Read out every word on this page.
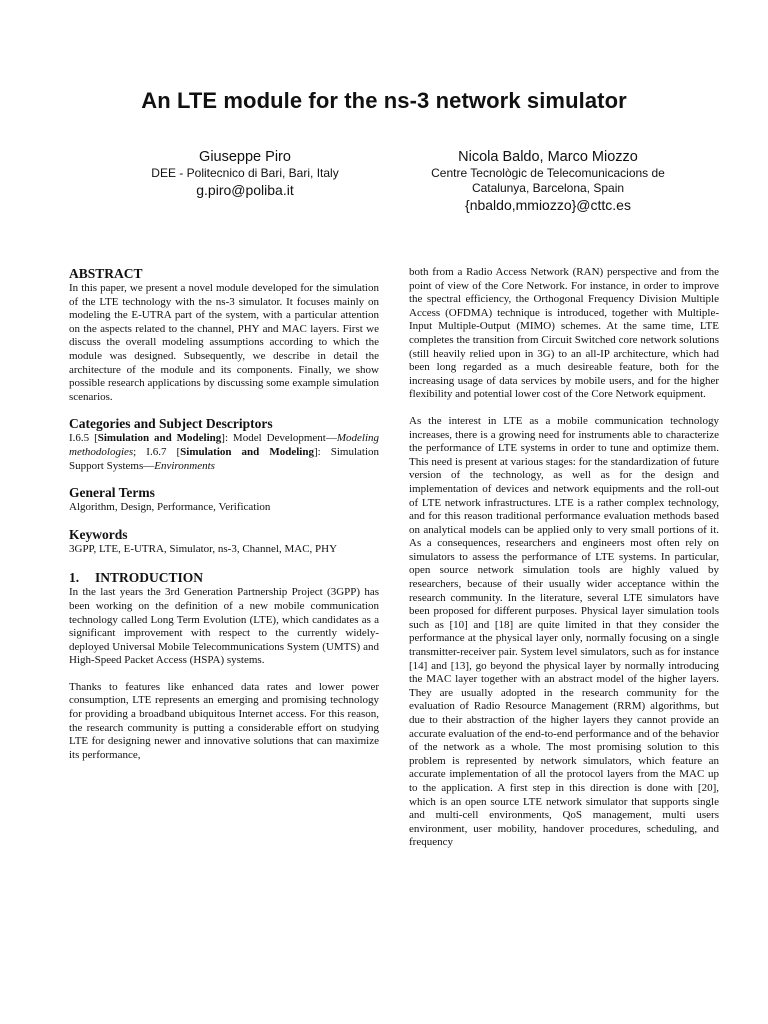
An LTE module for the ns-3 network simulator
Giuseppe Piro
DEE - Politecnico di Bari, Bari, Italy
g.piro@poliba.it
Nicola Baldo, Marco Miozzo
Centre Tecnològic de Telecomunicacions de
Catalunya, Barcelona, Spain
{nbaldo,mmiozzo}@cttc.es
ABSTRACT

In this paper, we present a novel module developed for the simulation of the LTE technology with the ns-3 simulator. It focuses mainly on modeling the E-UTRA part of the system, with a particular attention on the aspects related to the channel, PHY and MAC layers. First we discuss the overall modeling assumptions according to which the module was designed. Subsequently, we describe in detail the architecture of the module and its components. Finally, we show possible research applications by discussing some example simulation scenarios.

Categories and Subject Descriptors

I.6.5 [Simulation and Modeling]: Model Development—Modeling methodologies; I.6.7 [Simulation and Modeling]: Simulation Support Systems—Environments

General Terms

Algorithm, Design, Performance, Verification

Keywords

3GPP, LTE, E-UTRA, Simulator, ns-3, Channel, MAC, PHY

1. INTRODUCTION

In the last years the 3rd Generation Partnership Project (3GPP) has been working on the definition of a new mobile communication technology called Long Term Evolution (LTE), which candidates as a significant improvement with respect to the currently widely-deployed Universal Mobile Telecommunications System (UMTS) and High-Speed Packet Access (HSPA) systems.

Thanks to features like enhanced data rates and lower power consumption, LTE represents an emerging and promising technology for providing a broadband ubiquitous Internet access. For this reason, the research community is putting a considerable effort on studying LTE for designing newer and innovative solutions that can maximize its performance,

both from a Radio Access Network (RAN) perspective and from the point of view of the Core Network. For instance, in order to improve the spectral efficiency, the Orthogonal Frequency Division Multiple Access (OFDMA) technique is introduced, together with Multiple-Input Multiple-Output (MIMO) schemes. At the same time, LTE completes the transition from Circuit Switched core network solutions (still heavily relied upon in 3G) to an all-IP architecture, which had been long regarded as a much desireable feature, both for the increasing usage of data services by mobile users, and for the higher flexibility and potential lower cost of the Core Network equipment.

As the interest in LTE as a mobile communication technology increases, there is a growing need for instruments able to characterize the performance of LTE systems in order to tune and optimize them. This need is present at various stages: for the standardization of future version of the technology, as well as for the design and implementation of devices and network equipments and the roll-out of LTE network infrastructures. LTE is a rather complex technology, and for this reason traditional performance evaluation methods based on analytical models can be applied only to very small portions of it. As a consequences, researchers and engineers most often rely on simulators to assess the performance of LTE systems. In particular, open source network simulation tools are highly valued by researchers, because of their usually wider acceptance within the research community. In the literature, several LTE simulators have been proposed for different purposes. Physical layer simulation tools such as [10] and [18] are quite limited in that they consider the performance at the physical layer only, normally focusing on a single transmitter-receiver pair. System level simulators, such as for instance [14] and [13], go beyond the physical layer by normally introducing the MAC layer together with an abstract model of the higher layers. They are usually adopted in the research community for the evaluation of Radio Resource Management (RRM) algorithms, but due to their abstraction of the higher layers they cannot provide an accurate evaluation of the end-to-end performance and of the behavior of the network as a whole. The most promising solution to this problem is represented by network simulators, which feature an accurate implementation of all the protocol layers from the MAC up to the application. A first step in this direction is done with [20], which is an open source LTE network simulator that supports single and multi-cell environments, QoS management, multi users environment, user mobility, handover procedures, scheduling, and frequency
